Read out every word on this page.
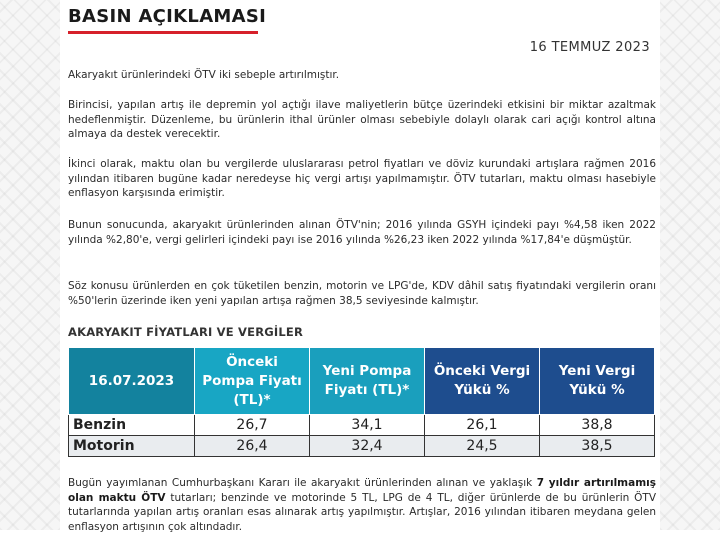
BASIN AÇIKLAMASI
16 TEMMUZ 2023

Akaryakıt ürünlerindeki ÖTV iki sebeple artırılmıştır.

Birincisi, yapılan artış ile depremin yol açtığı ilave maliyetlerin bütçe üzerindeki etkisini bir miktar azaltmak hedeflenmiştir. Düzenleme, bu ürünlerin ithal ürünler olması sebebiyle dolaylı olarak cari açığı kontrol altına almaya da destek verecektir.

İkinci olarak, maktu olan bu vergilerde uluslararası petrol fiyatları ve döviz kurundaki artışlara rağmen 2016 yılından itibaren bugüne kadar neredeyse hiç vergi artışı yapılmamıştır. ÖTV tutarları, maktu olması hasebiyle enflasyon karşısında erimiştir.

Bunun sonucunda, akaryakıt ürünlerinden alınan ÖTV'nin; 2016 yılında GSYH içindeki payı %4,58 iken 2022 yılında %2,80'e, vergi gelirleri içindeki payı ise 2016 yılında %26,23 iken 2022 yılında %17,84'e düşmüştür.

Söz konusu ürünlerden en çok tüketilen benzin, motorin ve LPG'de, KDV dâhil satış fiyatındaki vergilerin oranı %50'lerin üzerinde iken yeni yapılan artışa rağmen 38,5 seviyesinde kalmıştır.

AKARYAKIT FİYATLARI VE VERGİLER
16.07.2023	Önceki Pompa Fiyatı (TL)*	Yeni Pompa Fiyatı (TL)*	Önceki Vergi Yükü %	Yeni Vergi Yükü %
Benzin	26,7	34,1	26,1	38,8
Motorin	26,4	32,4	24,5	38,5

Bugün yayımlanan Cumhurbaşkanı Kararı ile akaryakıt ürünlerinden alınan ve yaklaşık 7 yıldır artırılmamış olan maktu ÖTV tutarları; benzinde ve motorinde 5 TL, LPG de 4 TL, diğer ürünlerde de bu ürünlerin ÖTV tutarlarında yapılan artış oranları esas alınarak artış yapılmıştır. Artışlar, 2016 yılından itibaren meydana gelen enflasyon artışının çok altındadır.
